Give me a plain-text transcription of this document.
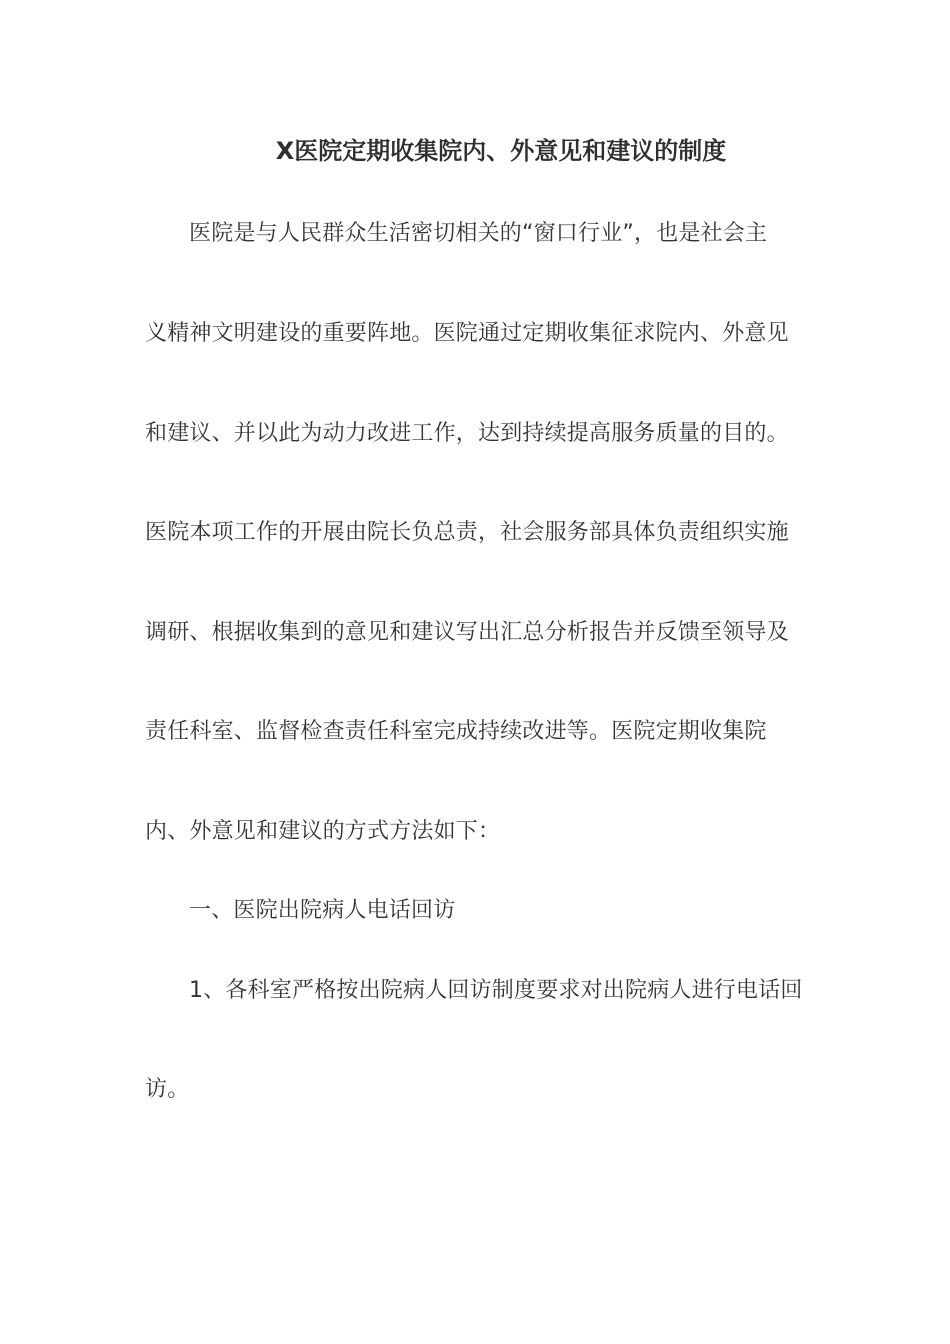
X医院定期收集院内、外意见和建议的制度
医院是与人民群众生活密切相关的“窗口行业”，也是社会主
义精神文明建设的重要阵地。医院通过定期收集征求院内、外意见
和建议、并以此为动力改进工作，达到持续提高服务质量的目的。
医院本项工作的开展由院长负总责，社会服务部具体负责组织实施
调研、根据收集到的意见和建议写出汇总分析报告并反馈至领导及
责任科室、监督检查责任科室完成持续改进等。医院定期收集院
内、外意见和建议的方式方法如下：
一、医院出院病人电话回访
1、各科室严格按出院病人回访制度要求对出院病人进行电话回
访。
